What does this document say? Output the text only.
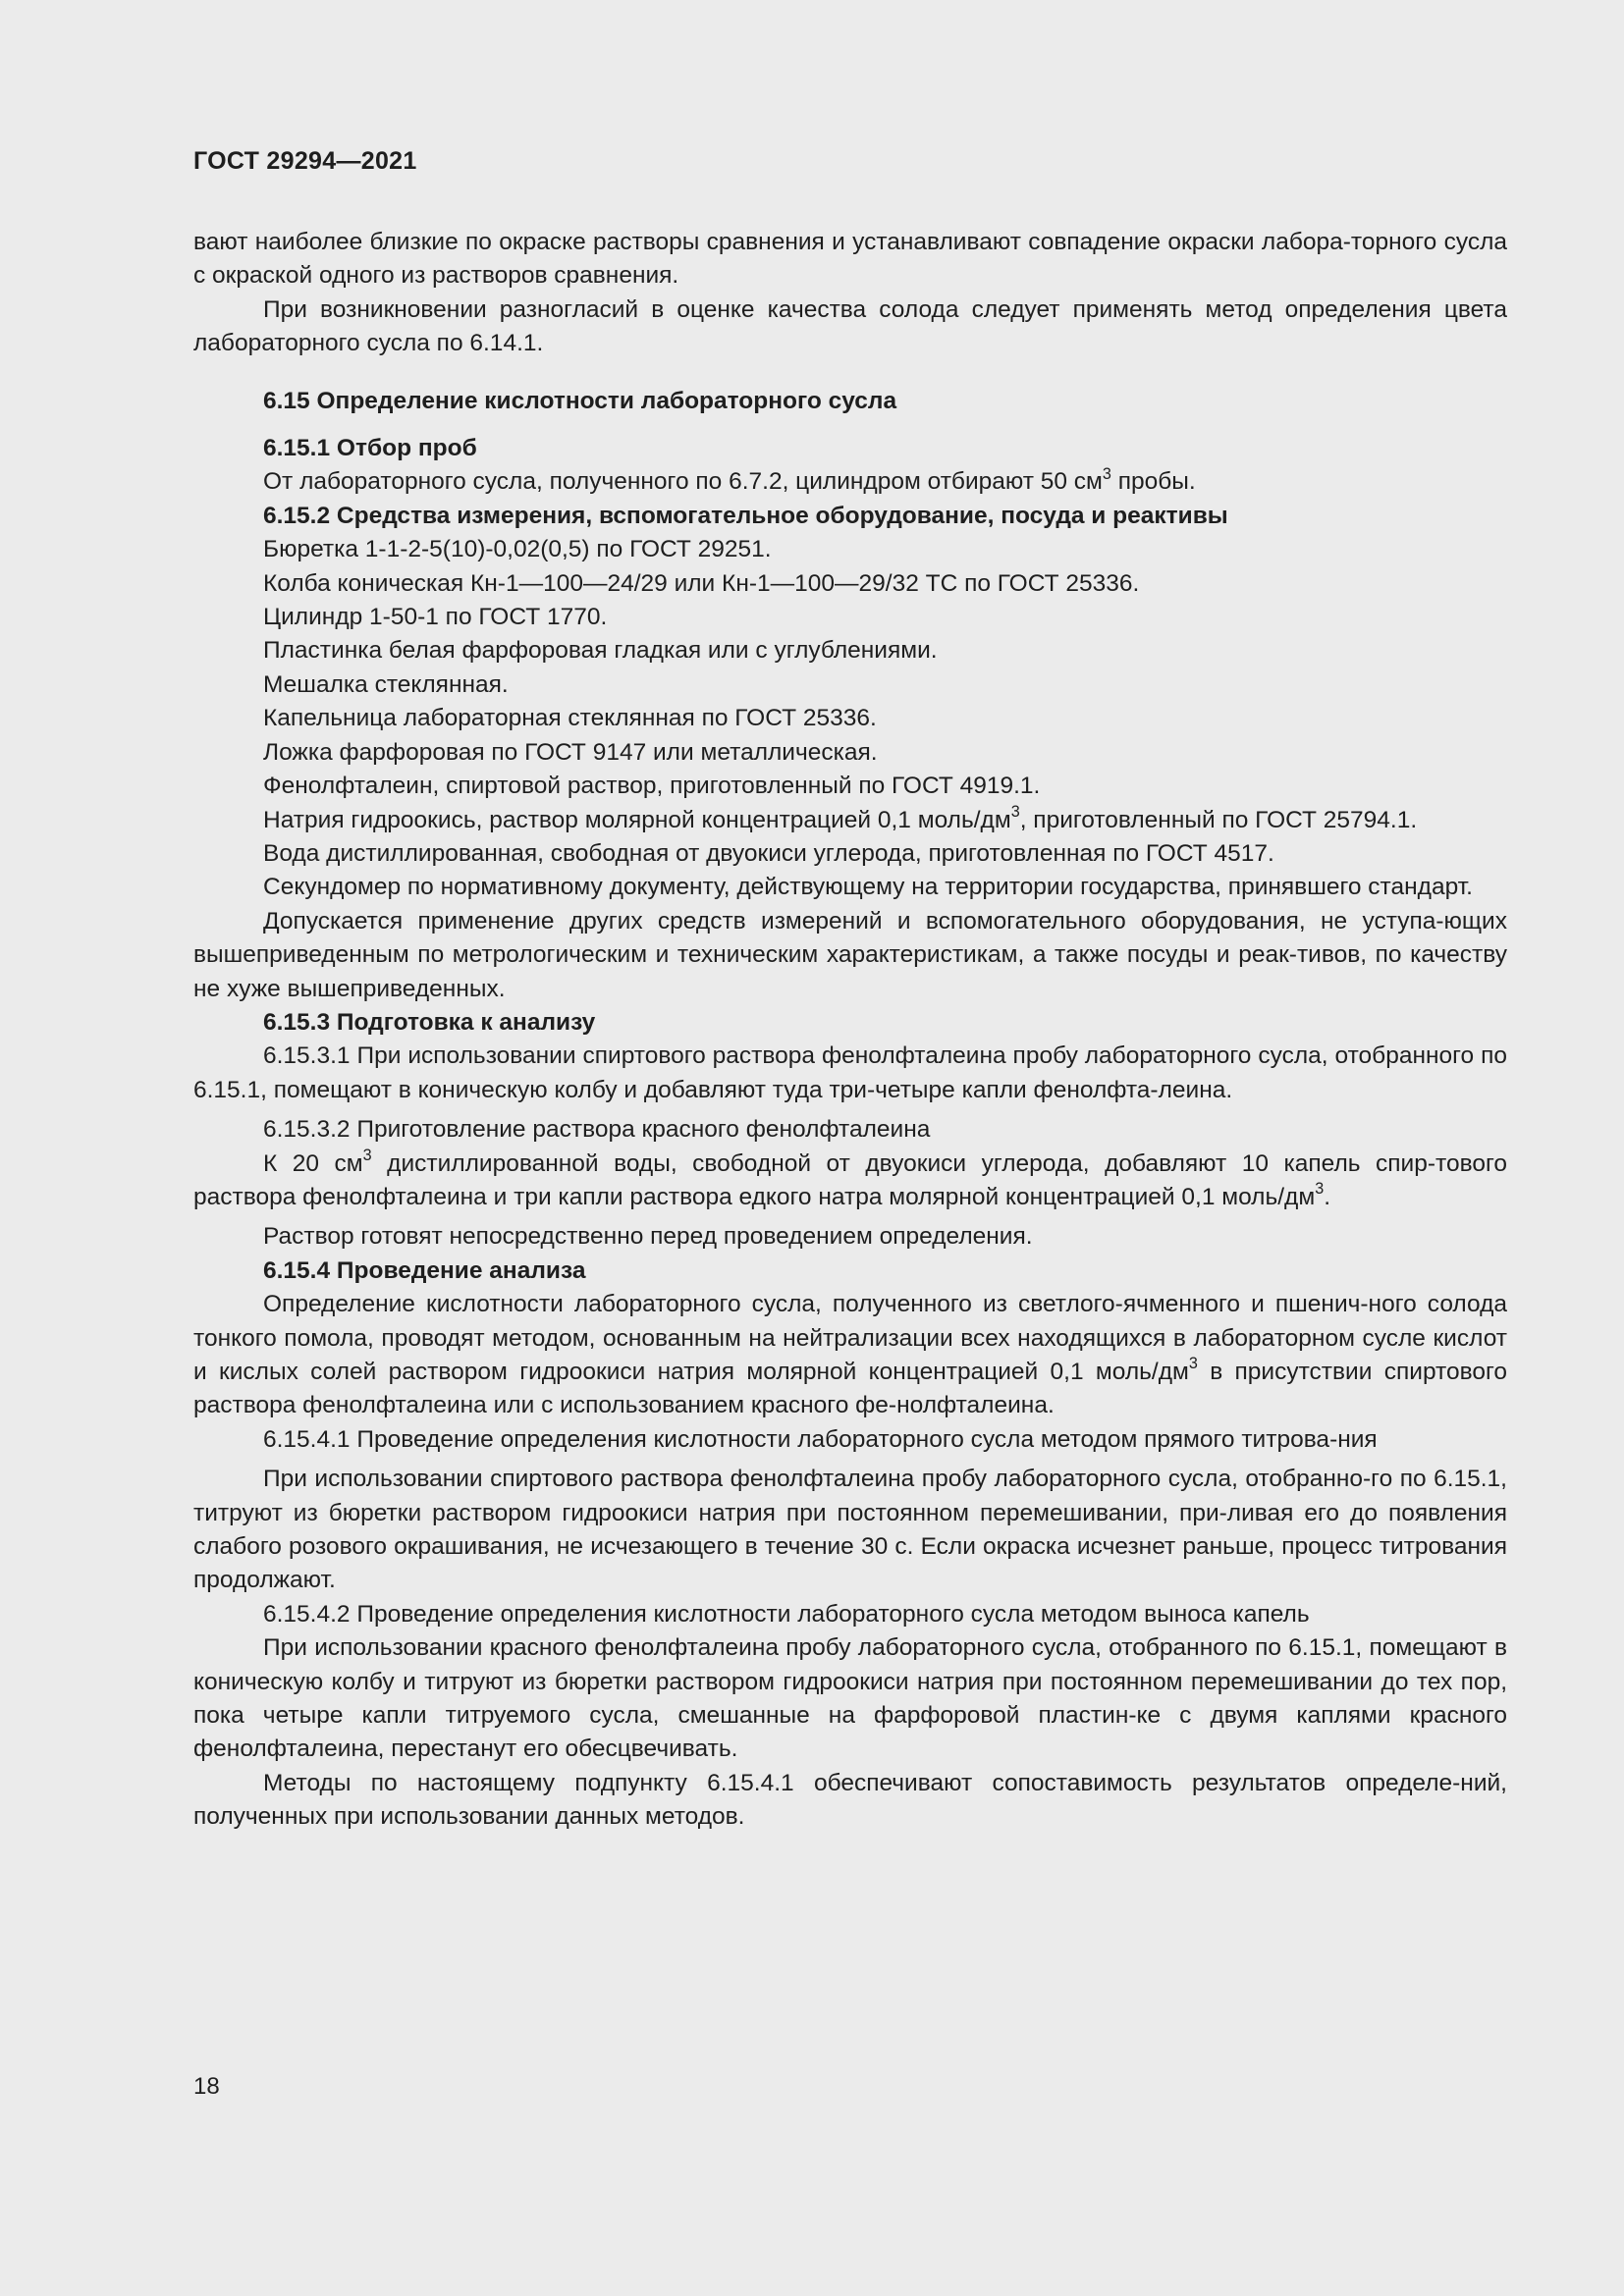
ГОСТ 29294—2021

вают наиболее близкие по окраске растворы сравнения и устанавливают совпадение окраски лабора-торного сусла с окраской одного из растворов сравнения.

При возникновении разногласий в оценке качества солода следует применять метод определения цвета лабораторного сусла по 6.14.1.

6.15 Определение кислотности лабораторного сусла

6.15.1 Отбор проб

От лабораторного сусла, полученного по 6.7.2, цилиндром отбирают 50 $см^3$ пробы.

6.15.2 Средства измерения, вспомогательное оборудование, посуда и реактивы

Бюретка 1-1-2-5(10)-0,02(0,5) по ГОСТ 29251.

Колба коническая Кн-1—100—24/29 или Кн-1—100—29/32 ТС по ГОСТ 25336.

Цилиндр 1-50-1 по ГОСТ 1770.

Пластинка белая фарфоровая гладкая или с углублениями.

Мешалка стеклянная.

Капельница лабораторная стеклянная по ГОСТ 25336.

Ложка фарфоровая по ГОСТ 9147 или металлическая.

Фенолфталеин, спиртовой раствор, приготовленный по ГОСТ 4919.1.

Натрия гидроокись, раствор молярной концентрацией 0,1 моль/$дм^3$, приготовленный по ГОСТ 25794.1.

Вода дистиллированная, свободная от двуокиси углерода, приготовленная по ГОСТ 4517.

Секундомер по нормативному документу, действующему на территории государства, принявшего стандарт.

Допускается применение других средств измерений и вспомогательного оборудования, не уступа-ющих вышеприведенным по метрологическим и техническим характеристикам, а также посуды и реак-тивов, по качеству не хуже вышеприведенных.

6.15.3 Подготовка к анализу

6.15.3.1 При использовании спиртового раствора фенолфталеина пробу лабораторного сусла, отобранного по 6.15.1, помещают в коническую колбу и добавляют туда три-четыре капли фенолфта-леина.

6.15.3.2 Приготовление раствора красного фенолфталеина

К 20 $см^3$ дистиллированной воды, свободной от двуокиси углерода, добавляют 10 капель спир-тового раствора фенолфталеина и три капли раствора едкого натра молярной концентрацией 0,1 моль/$дм^3$.

Раствор готовят непосредственно перед проведением определения.

6.15.4 Проведение анализа

Определение кислотности лабораторного сусла, полученного из светлого-ячменного и пшенич-ного солода тонкого помола, проводят методом, основанным на нейтрализации всех находящихся в лабораторном сусле кислот и кислых солей раствором гидроокиси натрия молярной концентрацией 0,1 моль/$дм^3$ в присутствии спиртового раствора фенолфталеина или с использованием красного фе-нолфталеина.

6.15.4.1 Проведение определения кислотности лабораторного сусла методом прямого титрова-ния

При использовании спиртового раствора фенолфталеина пробу лабораторного сусла, отобранно-го по 6.15.1, титруют из бюретки раствором гидроокиси натрия при постоянном перемешивании, при-ливая его до появления слабого розового окрашивания, не исчезающего в течение 30 с. Если окраска исчезнет раньше, процесс титрования продолжают.

6.15.4.2 Проведение определения кислотности лабораторного сусла методом выноса капель

При использовании красного фенолфталеина пробу лабораторного сусла, отобранного по 6.15.1, помещают в коническую колбу и титруют из бюретки раствором гидроокиси натрия при постоянном перемешивании до тех пор, пока четыре капли титруемого сусла, смешанные на фарфоровой пластин-ке с двумя каплями красного фенолфталеина, перестанут его обесцвечивать.

Методы по настоящему подпункту 6.15.4.1 обеспечивают сопоставимость результатов определе-ний, полученных при использовании данных методов.

18
